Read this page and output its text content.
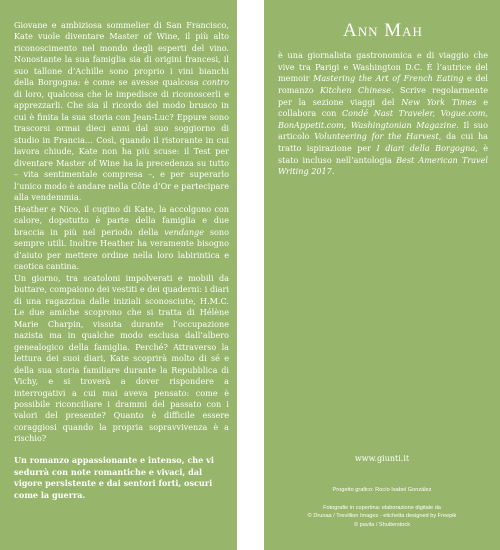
Giovane e ambiziosa sommelier di San Francisco, Kate vuole diventare Master of Wine, il più alto riconoscimento nel mondo degli esperti del vino. Nonostante la sua famiglia sia di origini francesi, il suo tallone d’Achille sono proprio i vini bianchi della Borgogna: è come se avesse qualcosa contro di loro, qualcosa che le impedisce di riconoscerli e apprezzarli. Che sia il ricordo del modo brusco in cui è finita la sua storia con Jean-Luc? Eppure sono trascorsi ormai dieci anni dal suo soggiorno di studio in Francia… Così, quando il ristorante in cui lavora chiude, Kate non ha più scuse: il Test per diventare Master of Wine ha la precedenza su tutto – vita sentimentale compresa –, e per superarlo l’unico modo è andare nella Côte d’Or e partecipare alla vendemmia.

Heather e Nico, il cugino di Kate, la accolgono con calore, dopotutto è parte della famiglia e due braccia in più nel periodo della vendange sono sempre utili. Inoltre Heather ha veramente bisogno d’aiuto per mettere ordine nella loro labirintica e caotica cantina.

Un giorno, tra scatoloni impolverati e mobili da buttare, compaiono dei vestiti e dei quaderni: i diari di una ragazzina dalle iniziali sconosciute, H.M.C. Le due amiche scoprono che si tratta di Hélène Marie Charpin, vissuta durante l’occupazione nazista ma in qualche modo esclusa dall’albero genealogico della famiglia. Perché? Attraverso la lettura dei suoi diari, Kate scoprirà molto di sé e della sua storia familiare durante la Repubblica di Vichy, e si troverà a dover rispondere a interrogativi a cui mai aveva pensato: come è possibile riconciliare i drammi del passato con i valori del presente? Quanto è difficile essere coraggiosi quando la propria sopravvivenza è a rischio?

Un romanzo appassionante e intenso, che vi sedurrà con note romantiche e vivaci, dal vigore persistente e dai sentori forti, oscuri come la guerra.
Ann Mah
è una giornalista gastronomica e di viaggio che vive tra Parigi e Washington D.C. È l’autrice del memoir Mastering the Art of French Eating e del romanzo Kitchen Chinese. Scrive regolarmente per la sezione viaggi del New York Times e collabora con Condé Nast Traveler, Vogue.com, BonAppetit.com, Washingtonian Magazine. Il suo articolo Volunteering for the Harvest, da cui ha tratto ispirazione per I diari della Borgogna, è stato incluso nell’antologia Best American Travel Writing 2017.
www.giunti.it
Progetto grafico: Rocío Isabel González
Fotografie in copertina: elaborazione digitale da
© Drunaa / Trevillion Images - etichetta designed by Freepik
© pavila / Shutterstock
